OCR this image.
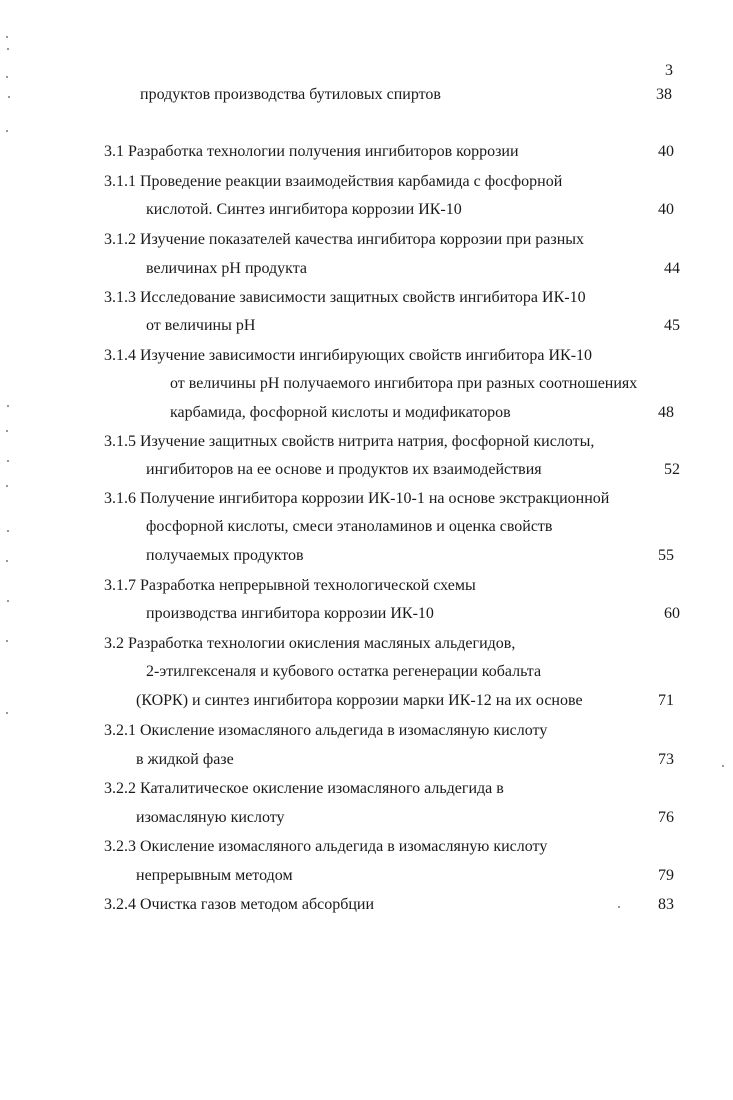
3
продуктов производства бутиловых спиртов	38
3.1 Разработка технологии получения ингибиторов коррозии	40
3.1.1 Проведение реакции взаимодействия карбамида с фосфорной
кислотой. Синтез ингибитора коррозии ИК-10	40
3.1.2 Изучение показателей качества ингибитора коррозии при разных
величинах рН продукта	44
3.1.3 Исследование зависимости защитных свойств ингибитора ИК-10
от величины рН	45
3.1.4 Изучение зависимости ингибирующих свойств ингибитора ИК-10
от величины рН получаемого ингибитора при разных соотношениях
карбамида, фосфорной кислоты и модификаторов	48
3.1.5 Изучение защитных свойств нитрита натрия, фосфорной кислоты,
ингибиторов на ее основе и продуктов их взаимодействия	52
3.1.6 Получение ингибитора коррозии ИК-10-1 на основе экстракционной
фосфорной кислоты, смеси этаноламинов и оценка свойств
получаемых продуктов	55
3.1.7 Разработка непрерывной технологической схемы
производства ингибитора коррозии ИК-10	60
3.2 Разработка технологии окисления масляных альдегидов,
2-этилгексеналя и кубового остатка регенерации кобальта
(КОРК) и синтез ингибитора коррозии марки ИК-12 на их основе	71
3.2.1 Окисление изомасляного альдегида в изомасляную кислоту
в жидкой фазе	73
3.2.2 Каталитическое окисление изомасляного альдегида в
изомасляную кислоту	76
3.2.3 Окисление изомасляного альдегида в изомасляную кислоту
непрерывным методом	79
3.2.4 Очистка газов методом абсорбции	83
